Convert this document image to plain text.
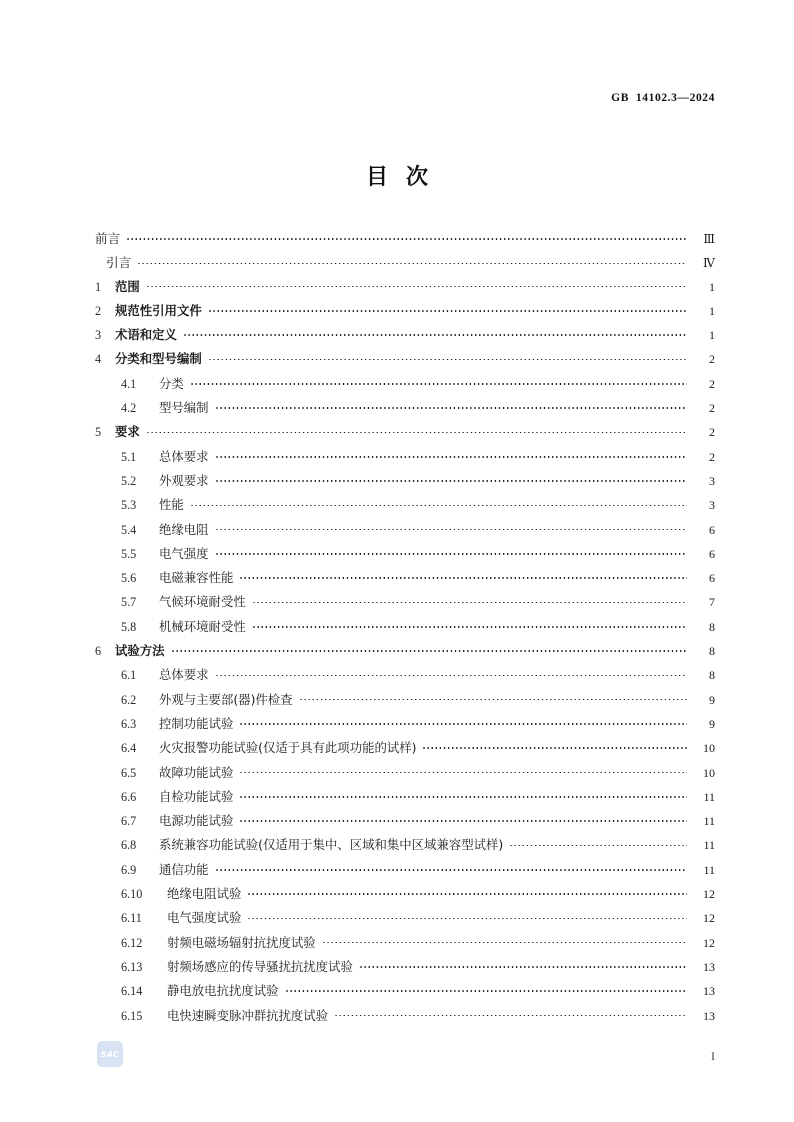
GB  14102.3—2024
目次
前言	Ⅲ
引言	Ⅳ
1	范围	1
2	规范性引用文件	1
3	术语和定义	1
4	分类和型号编制	2
4.1	分类	2
4.2	型号编制	2
5	要求	2
5.1	总体要求	2
5.2	外观要求	3
5.3	性能	3
5.4	绝缘电阻	6
5.5	电气强度	6
5.6	电磁兼容性能	6
5.7	气候环境耐受性	7
5.8	机械环境耐受性	8
6	试验方法	8
6.1	总体要求	8
6.2	外观与主要部(器)件检查	9
6.3	控制功能试验	9
6.4	火灾报警功能试验(仅适于具有此项功能的试样)	10
6.5	故障功能试验	10
6.6	自检功能试验	11
6.7	电源功能试验	11
6.8	系统兼容功能试验(仅适用于集中、区域和集中区域兼容型试样)	11
6.9	通信功能	11
6.10	绝缘电阻试验	12
6.11	电气强度试验	12
6.12	射频电磁场辐射抗扰度试验	12
6.13	射频场感应的传导骚扰抗扰度试验	13
6.14	静电放电抗扰度试验	13
6.15	电快速瞬变脉冲群抗扰度试验	13
SAC	I
